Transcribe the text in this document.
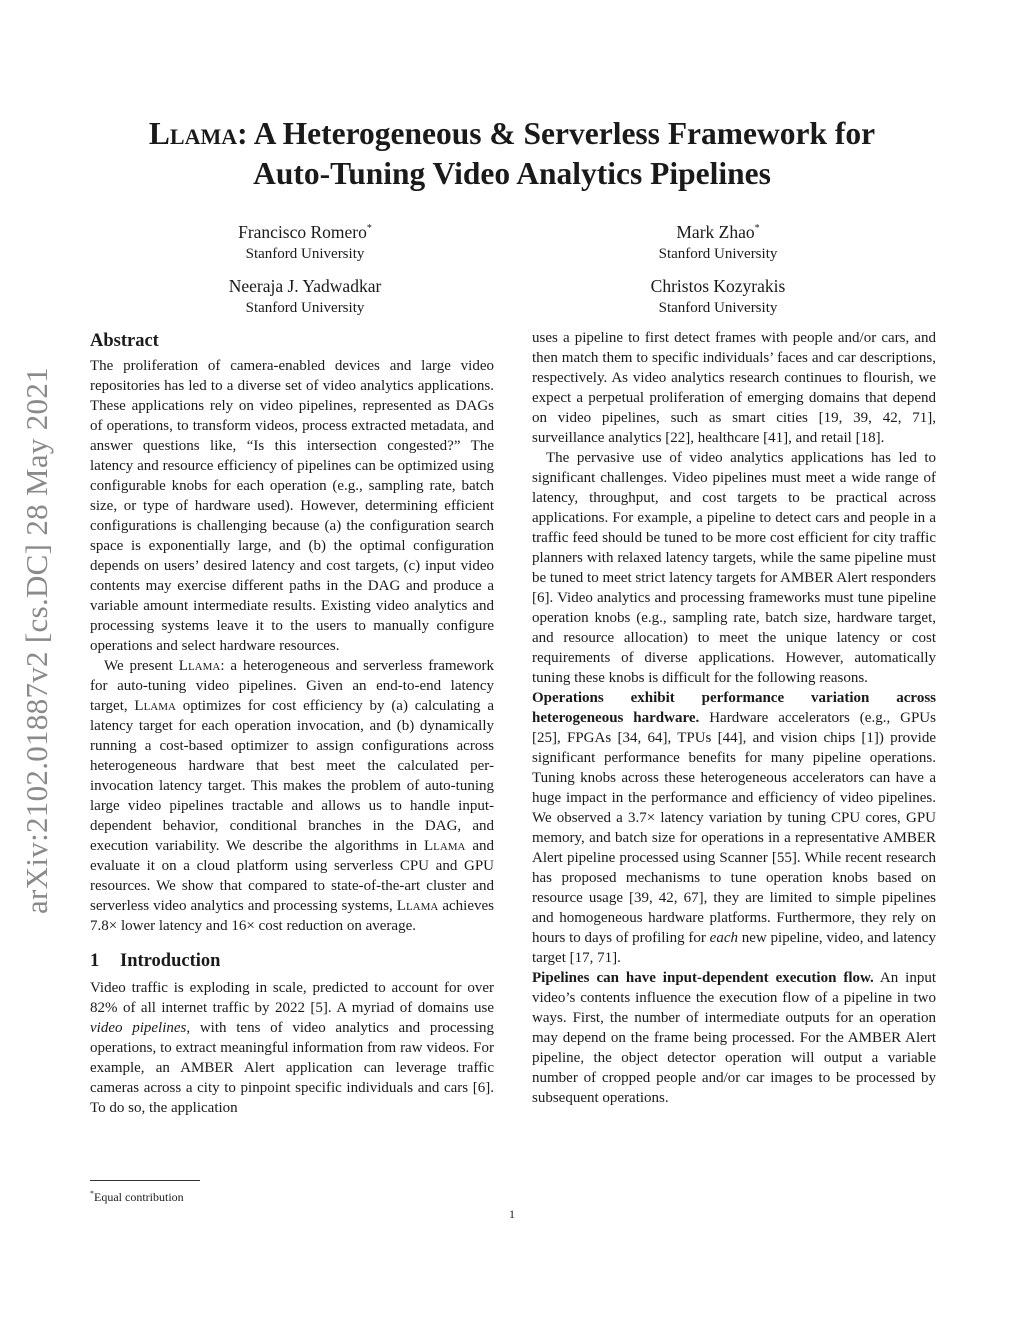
arXiv:2102.01887v2 [cs.DC] 28 May 2021
Llama: A Heterogeneous & Serverless Framework for
Auto-Tuning Video Analytics Pipelines
Francisco Romero*
Stanford University
Mark Zhao*
Stanford University
Neeraja J. Yadwadkar
Stanford University
Christos Kozyrakis
Stanford University
Abstract

The proliferation of camera-enabled devices and large video repositories has led to a diverse set of video analytics applications. These applications rely on video pipelines, represented as DAGs of operations, to transform videos, process extracted metadata, and answer questions like, “Is this intersection congested?” The latency and resource efficiency of pipelines can be optimized using configurable knobs for each operation (e.g., sampling rate, batch size, or type of hardware used). However, determining efficient configurations is challenging because (a) the configuration search space is exponentially large, and (b) the optimal configuration depends on users’ desired latency and cost targets, (c) input video contents may exercise different paths in the DAG and produce a variable amount intermediate results. Existing video analytics and processing systems leave it to the users to manually configure operations and select hardware resources.

We present Llama: a heterogeneous and serverless framework for auto-tuning video pipelines. Given an end-to-end latency target, Llama optimizes for cost efficiency by (a) calculating a latency target for each operation invocation, and (b) dynamically running a cost-based optimizer to assign configurations across heterogeneous hardware that best meet the calculated per-invocation latency target. This makes the problem of auto-tuning large video pipelines tractable and allows us to handle input-dependent behavior, conditional branches in the DAG, and execution variability. We describe the algorithms in Llama and evaluate it on a cloud platform using serverless CPU and GPU resources. We show that compared to state-of-the-art cluster and serverless video analytics and processing systems, Llama achieves 7.8× lower latency and 16× cost reduction on average.

1 Introduction

Video traffic is exploding in scale, predicted to account for over 82% of all internet traffic by 2022 [5]. A myriad of domains use video pipelines, with tens of video analytics and processing operations, to extract meaningful information from raw videos. For example, an AMBER Alert application can leverage traffic cameras across a city to pinpoint specific individuals and cars [6]. To do so, the application

uses a pipeline to first detect frames with people and/or cars, and then match them to specific individuals’ faces and car descriptions, respectively. As video analytics research continues to flourish, we expect a perpetual proliferation of emerging domains that depend on video pipelines, such as smart cities [19, 39, 42, 71], surveillance analytics [22], healthcare [41], and retail [18].

The pervasive use of video analytics applications has led to significant challenges. Video pipelines must meet a wide range of latency, throughput, and cost targets to be practical across applications. For example, a pipeline to detect cars and people in a traffic feed should be tuned to be more cost efficient for city traffic planners with relaxed latency targets, while the same pipeline must be tuned to meet strict latency targets for AMBER Alert responders [6]. Video analytics and processing frameworks must tune pipeline operation knobs (e.g., sampling rate, batch size, hardware target, and resource allocation) to meet the unique latency or cost requirements of diverse applications. However, automatically tuning these knobs is difficult for the following reasons.

Operations exhibit performance variation across heterogeneous hardware. Hardware accelerators (e.g., GPUs [25], FPGAs [34, 64], TPUs [44], and vision chips [1]) provide significant performance benefits for many pipeline operations. Tuning knobs across these heterogeneous accelerators can have a huge impact in the performance and efficiency of video pipelines. We observed a 3.7× latency variation by tuning CPU cores, GPU memory, and batch size for operations in a representative AMBER Alert pipeline processed using Scanner [55]. While recent research has proposed mechanisms to tune operation knobs based on resource usage [39, 42, 67], they are limited to simple pipelines and homogeneous hardware platforms. Furthermore, they rely on hours to days of profiling for each new pipeline, video, and latency target [17, 71].

Pipelines can have input-dependent execution flow. An input video’s contents influence the execution flow of a pipeline in two ways. First, the number of intermediate outputs for an operation may depend on the frame being processed. For the AMBER Alert pipeline, the object detector operation will output a variable number of cropped people and/or car images to be processed by subsequent operations.

*Equal contribution
1
